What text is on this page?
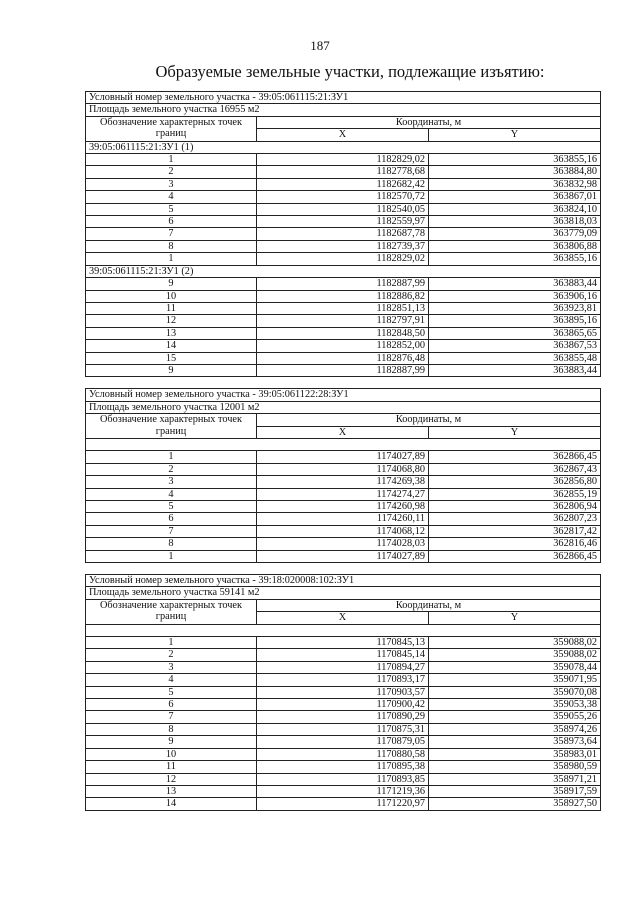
187
Образуемые земельные участки, подлежащие изъятию:
Условный номер земельного участка - 39:05:061115:21:ЗУ1		
Площадь земельного участка 16955 м2		
Обозначение характерных точек
границ	Координаты, м	
	X	Y
39:05:061115:21:ЗУ1 (1)		
1	1182829,02	363855,16
2	1182778,68	363884,80
3	1182682,42	363832,98
4	1182570,72	363867,01
5	1182540,05	363824,10
6	1182559,97	363818,03
7	1182687,78	363779,09
8	1182739,37	363806,88
1	1182829,02	363855,16
39:05:061115:21:ЗУ1 (2)		
9	1182887,99	363883,44
10	1182886,82	363906,16
11	1182851,13	363923,81
12	1182797,91	363895,16
13	1182848,50	363865,65
14	1182852,00	363867,53
15	1182876,48	363855,48
9	1182887,99	363883,44
Условный номер земельного участка - 39:05:061122:28:ЗУ1		
Площадь земельного участка 12001 м2		
Обозначение характерных точек
границ	Координаты, м	
	X	Y

1	1174027,89	362866,45
2	1174068,80	362867,43
3	1174269,38	362856,80
4	1174274,27	362855,19
5	1174260,98	362806,94
6	1174260,11	362807,23
7	1174068,12	362817,42
8	1174028,03	362816,46
1	1174027,89	362866,45
Условный номер земельного участка - 39:18:020008:102:ЗУ1		
Площадь земельного участка 59141 м2		
Обозначение характерных точек
границ	Координаты, м	
	X	Y

1	1170845,13	359088,02
2	1170845,14	359088,02
3	1170894,27	359078,44
4	1170893,17	359071,95
5	1170903,57	359070,08
6	1170900,42	359053,38
7	1170890,29	359055,26
8	1170875,31	358974,26
9	1170879,05	358973,64
10	1170880,58	358983,01
11	1170895,38	358980,59
12	1170893,85	358971,21
13	1171219,36	358917,59
14	1171220,97	358927,50
